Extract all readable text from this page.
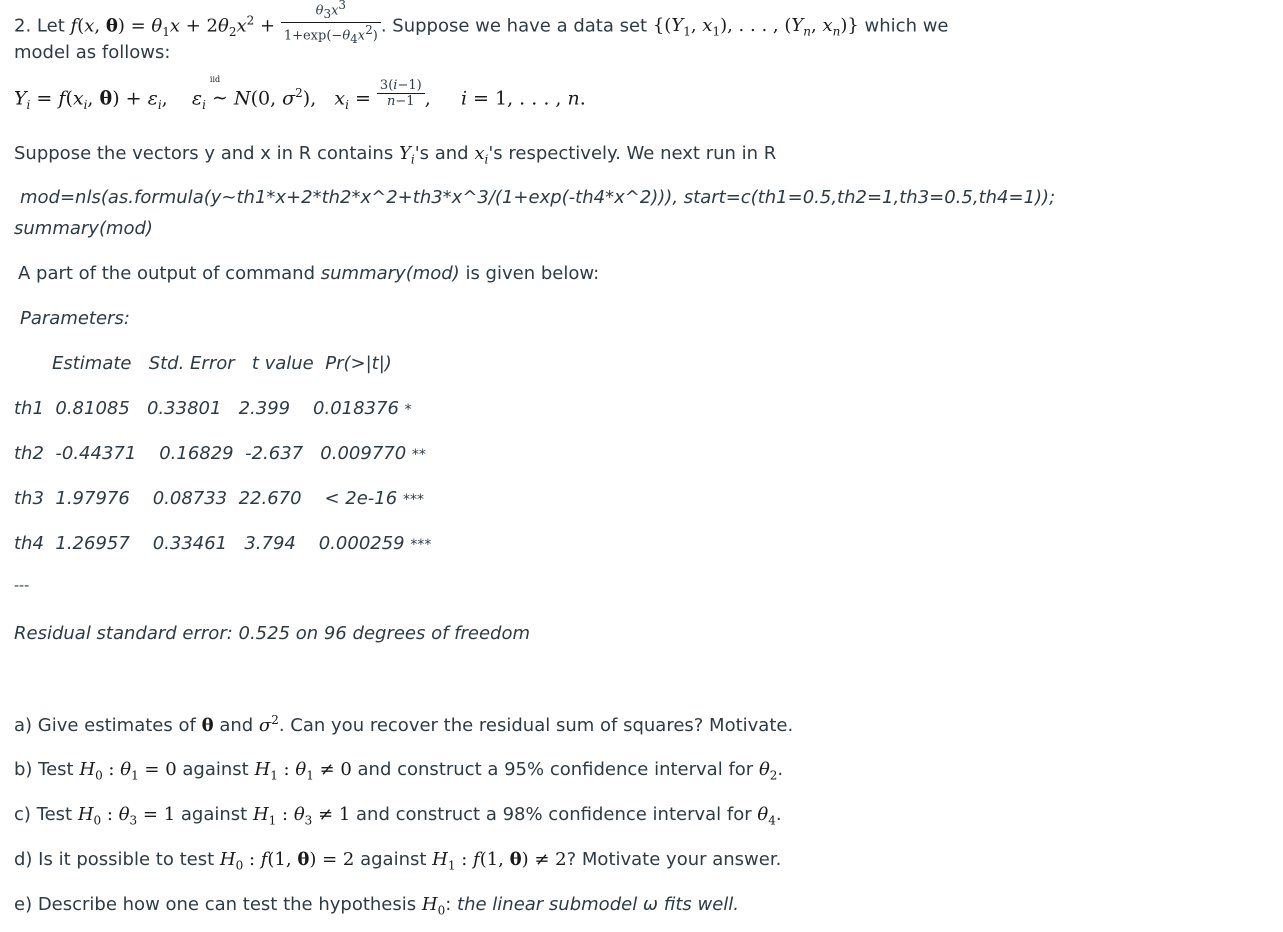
2. Let f(x, $\theta) = \theta_1x + 2\theta_2x^2 + \frac{\theta_3x^3}{1+\exp(-\theta_4x^2)}$ . Suppose we have a data set {($Y_1$, $x_1$), . . . , ($Y_n$, $x_n$)} which we
model as follows:
$Y_i = f(x_i$, $\theta) + \varepsilon_i$,    $\varepsilon_i$
iid
∼ N(0, $\sigma^2$),   $x_i = \frac{3(i-1)}{n-1}$ ,     i = 1, . . . , n.
Suppose the vectors y and x in R contains $Y_i's$ and $x_i's$ respectively. We next run in R
mod=nls(as.formula(y~th1*x+2*th2*x^2+th3*x^3/(1+exp(-th4*x^2))), start=c(th1=0.5,th2=1,th3=0.5,th4=1));
summary(mod)
A part of the output of command summary(mod) is given below:
Parameters:
Estimate Std. Error t value Pr(>|t|)
th1 0.81085 0.33801 2.399 0.018376 *
th2 -0.44371 0.16829 -2.637 0.009770 **
th3 1.97976 0.08733 22.670 < 2e-16 ***
th4 1.26957 0.33461 3.794 0.000259 ***
---
Residual standard error: 0.525 on 96 degrees of freedom
a) Give estimates of θ and $\sigma^2$. Can you recover the residual sum of squares? Motivate.
b) Test $H_0$ : $\theta_1 = 0$ against $H_1$ : $\theta_1 \ne 0$ and construct a 95% confidence interval for $\theta_2$.
c) Test $H_0$ : $\theta_3 = 1$ against $H_1$ : $\theta_3 \ne 1$ and construct a 98% confidence interval for $\theta_4$.
d) Is it possible to test $H_0$ : f(1, θ) = 2 against $H_1$ : f(1, θ) ≠ 2? Motivate your answer.
e) Describe how one can test the hypothesis $H_0$: the linear submodel ω fits well.
